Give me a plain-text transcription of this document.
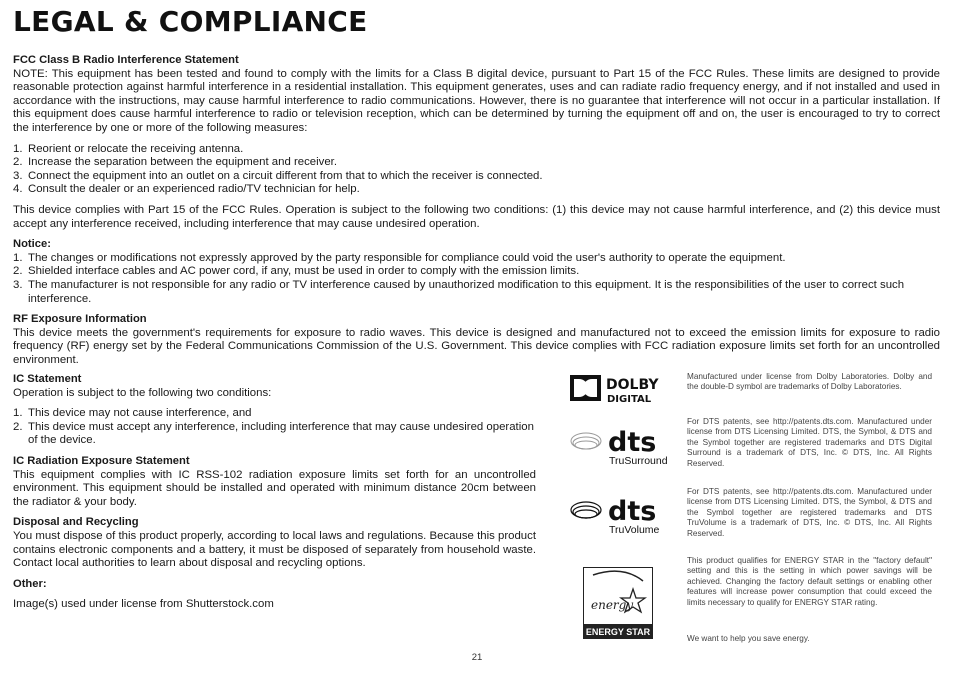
LEGAL & COMPLIANCE

FCC Class B Radio Interference Statement

NOTE: This equipment has been tested and found to comply with the limits for a Class B digital device, pursuant to Part 15 of the FCC Rules. These limits are designed to provide reasonable protection against harmful interference in a residential installation. This equipment generates, uses and can radiate radio frequency energy, and if not installed and used in accordance with the instructions, may cause harmful interference to radio communications. However, there is no guarantee that interference will not occur in a particular installation. If this equipment does cause harmful interference to radio or television reception, which can be determined by turning the equipment off and on, the user is encouraged to try to correct the interference by one or more of the following measures:

1. Reorient or relocate the receiving antenna.
2. Increase the separation between the equipment and receiver.
3. Connect the equipment into an outlet on a circuit different from that to which the receiver is connected.
4. Consult the dealer or an experienced radio/TV technician for help.

This device complies with Part 15 of the FCC Rules. Operation is subject to the following two conditions: (1) this device may not cause harmful interference, and (2) this device must accept any interference received, including interference that may cause undesired operation.

Notice:

1. The changes or modifications not expressly approved by the party responsible for compliance could void the user's authority to operate the equipment.
2. Shielded interface cables and AC power cord, if any, must be used in order to comply with the emission limits.
3. The manufacturer is not responsible for any radio or TV interference caused by unauthorized modification to this equipment. It is the responsibilities of the user to correct such interference.

RF Exposure Information

This device meets the government's requirements for exposure to radio waves. This device is designed and manufactured not to exceed the emission limits for exposure to radio frequency (RF) energy set by the Federal Communications Commission of the U.S. Government. This device complies with FCC radiation exposure limits set forth for an uncontrolled environment.

IC Statement

Operation is subject to the following two conditions:

1. This device may not cause interference, and
2. This device must accept any interference, including interference that may cause undesired operation of the device.

IC Radiation Exposure Statement

This equipment complies with IC RSS-102 radiation exposure limits set forth for an uncontrolled environment. This equipment should be installed and operated with minimum distance 20cm between the radiator & your body.

Disposal and Recycling

You must dispose of this product properly, according to local laws and regulations. Because this product contains electronic components and a battery, it must be disposed of separately from household waste. Contact local authorities to learn about disposal and recycling options.

Other:

Image(s) used under license from Shutterstock.com

DOLBY
DIGITAL

Manufactured under license from Dolby Laboratories. Dolby and the double-D symbol are trademarks of Dolby Laboratories.

dts
TruSurround

For DTS patents, see http://patents.dts.com. Manufactured under license from DTS Licensing Limited. DTS, the Symbol, & DTS and the Symbol together are registered trademarks and DTS Digital Surround is a trademark of DTS, Inc. © DTS, Inc. All Rights Reserved.

dts
TruVolume

For DTS patents, see http://patents.dts.com. Manufactured under license from DTS Licensing Limited. DTS, the Symbol, & DTS and the Symbol together are registered trademarks and DTS TruVolume is a trademark of DTS, Inc. © DTS, Inc. All Rights Reserved.

energy
ENERGY STAR

This product qualifies for ENERGY STAR in the "factory default" setting and this is the setting in which power savings will be achieved. Changing the factory default settings or enabling other features will increase power consumption that could exceed the limits necessary to qualify for ENERGY STAR rating.

We want to help you save energy.

21
